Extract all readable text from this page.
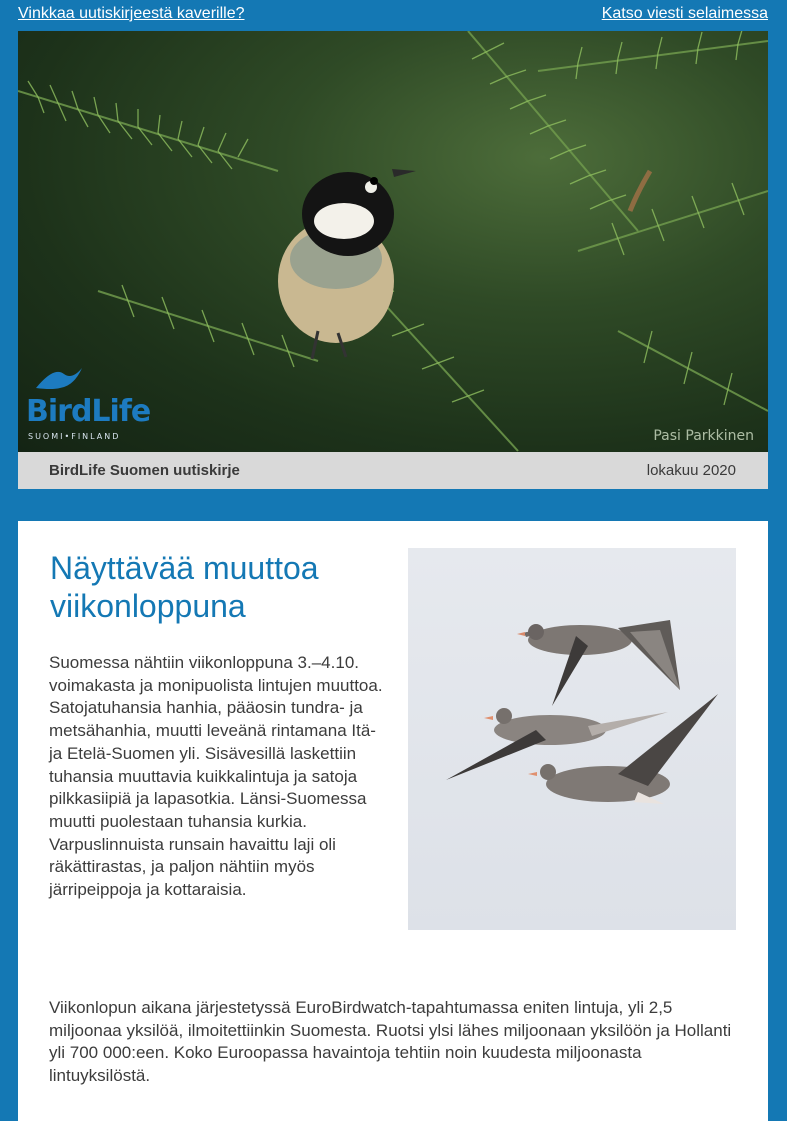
Vinkkaa uutiskirjeestä kaverille?	Katso viesti selaimessa
BirdLife
SUOMI•FINLAND	Pasi Parkkinen
BirdLife Suomen uutiskirje	lokakuu 2020
Näyttävää muuttoa viikonloppuna

Suomessa nähtiin viikonloppuna 3.–4.10. voimakasta ja monipuolista lintujen muuttoa. Satojatuhansia hanhia, pääosin tundra- ja metsähanhia, muutti leveänä rintamana Itä- ja Etelä-Suomen yli. Sisävesillä laskettiin tuhansia muuttavia kuikkalintuja ja satoja pilkkasiipiä ja lapasotkia. Länsi-Suomessa muutti puolestaan tuhansia kurkia. Varpuslinnuista runsain havaittu laji oli räkättirastas, ja paljon nähtiin myös järripeippoja ja kottaraisia.

Viikonlopun aikana järjestetyssä EuroBirdwatch-tapahtumassa eniten lintuja, yli 2,5 miljoonaa yksilöä, ilmoitettiinkin Suomesta. Ruotsi ylsi lähes miljoonaan yksilöön ja Hollanti yli 700 000:een. Koko Euroopassa havaintoja tehtiin noin kuudesta miljoonasta lintuyksilöstä.
